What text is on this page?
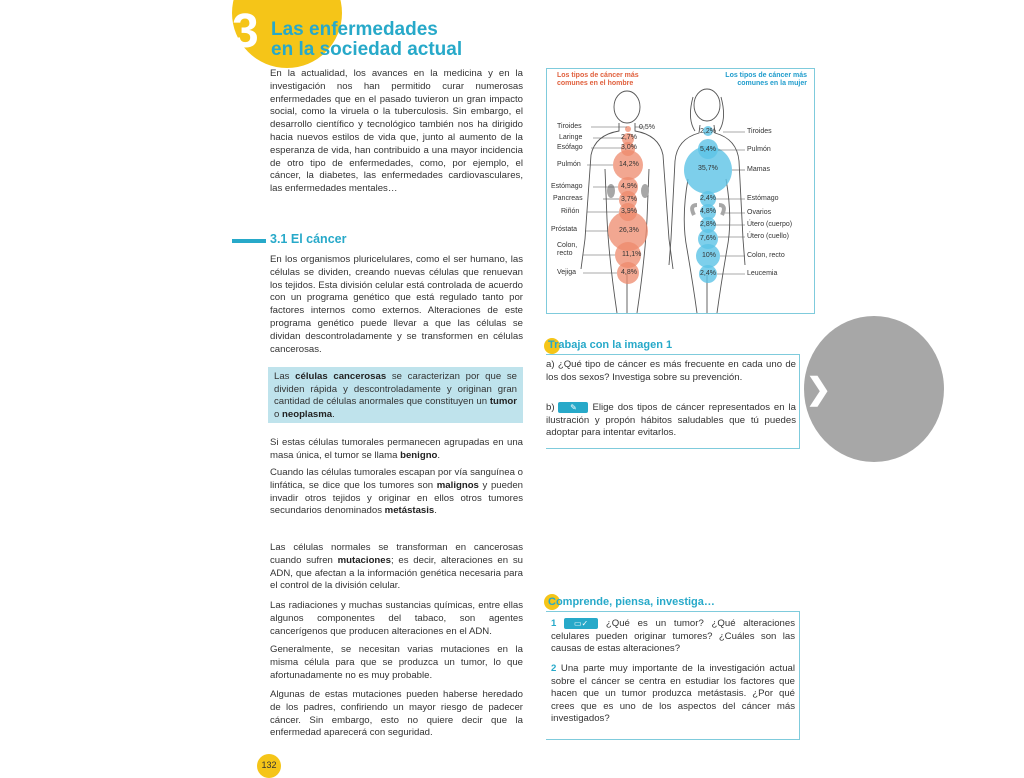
3 Las enfermedades
en la sociedad actual
En la actualidad, los avances en la medicina y en la investigación nos han permitido curar numerosas enfermedades que en el pasado tuvieron un gran impacto social, como la viruela o la tuberculosis. Sin embargo, el desarrollo científico y tecnológico también nos ha dirigido hacia nuevos estilos de vida que, junto al aumento de la esperanza de vida, han contribuido a una mayor incidencia de otro tipo de enfermedades, como, por ejemplo, el cáncer, la diabetes, las enfermedades cardiovasculares, las enfermedades mentales…
3.1 El cáncer
En los organismos pluricelulares, como el ser humano, las células se dividen, creando nuevas células que renuevan los tejidos. Esta división celular está controlada de acuerdo con un programa genético que está regulado tanto por factores internos como externos. Alteraciones de este programa genético puede llevar a que las células se dividan descontroladamente y se transformen en células cancerosas.
Las células cancerosas se caracterizan por que se dividen rápida y descontroladamente y originan gran cantidad de células anormales que constituyen un tumor o neoplasma.
Si estas células tumorales permanecen agrupadas en una masa única, el tumor se llama benigno.
Cuando las células tumorales escapan por vía sanguínea o linfática, se dice que los tumores son malignos y pueden invadir otros tejidos y originar en ellos otros tumores secundarios denominados metástasis.
Las células normales se transforman en cancerosas cuando sufren mutaciones; es decir, alteraciones en su ADN, que afectan a la información genética necesaria para el control de la división celular.
Las radiaciones y muchas sustancias químicas, entre ellas algunos componentes del tabaco, son agentes cancerígenos que producen alteraciones en el ADN.
Generalmente, se necesitan varias mutaciones en la misma célula para que se produzca un tumor, lo que afortunadamente no es muy probable.
Algunas de estas mutaciones pueden haberse heredado de los padres, confiriendo un mayor riesgo de padecer cáncer. Sin embargo, esto no quiere decir que la enfermedad aparecerá con seguridad.
132
Los tipos de cáncer más comunes en el hombre
Los tipos de cáncer más comunes en la mujer
Tiroides
Laringe
Esófago
Pulmón
Estómago
Pancreas
Riñón
Próstata
Colon, recto
Vejiga
0,5%
2,7%
3,0%
14,2%
4,9%
3,7%
3,9%
26,3%
11,1%
4,8%
Tiroides
Pulmón
Mamas
Estómago
Ovarios
Útero (cuerpo)
Útero (cuello)
Colon, recto
Leucemia
2,2%
5,4%
35,7%
2,4%
4,8%
2,8%
7,6%
10%
2,4%
Trabaja con la imagen 1
a) ¿Qué tipo de cáncer es más frecuente en cada uno de los dos sexos? Investiga sobre su prevención.
b) ✎ Elige dos tipos de cáncer representados en la ilustración y propón hábitos saludables que tú puedes adoptar para intentar evitarlos.
Comprende, piensa, investiga…
1 ▭✓ ¿Qué es un tumor? ¿Qué alteraciones celulares pueden originar tumores? ¿Cuáles son las causas de estas alteraciones?
2 Una parte muy importante de la investigación actual sobre el cáncer se centra en estudiar los factores que hacen que un tumor produzca metástasis. ¿Por qué crees que es uno de los aspectos del cáncer más investigados?
❯
